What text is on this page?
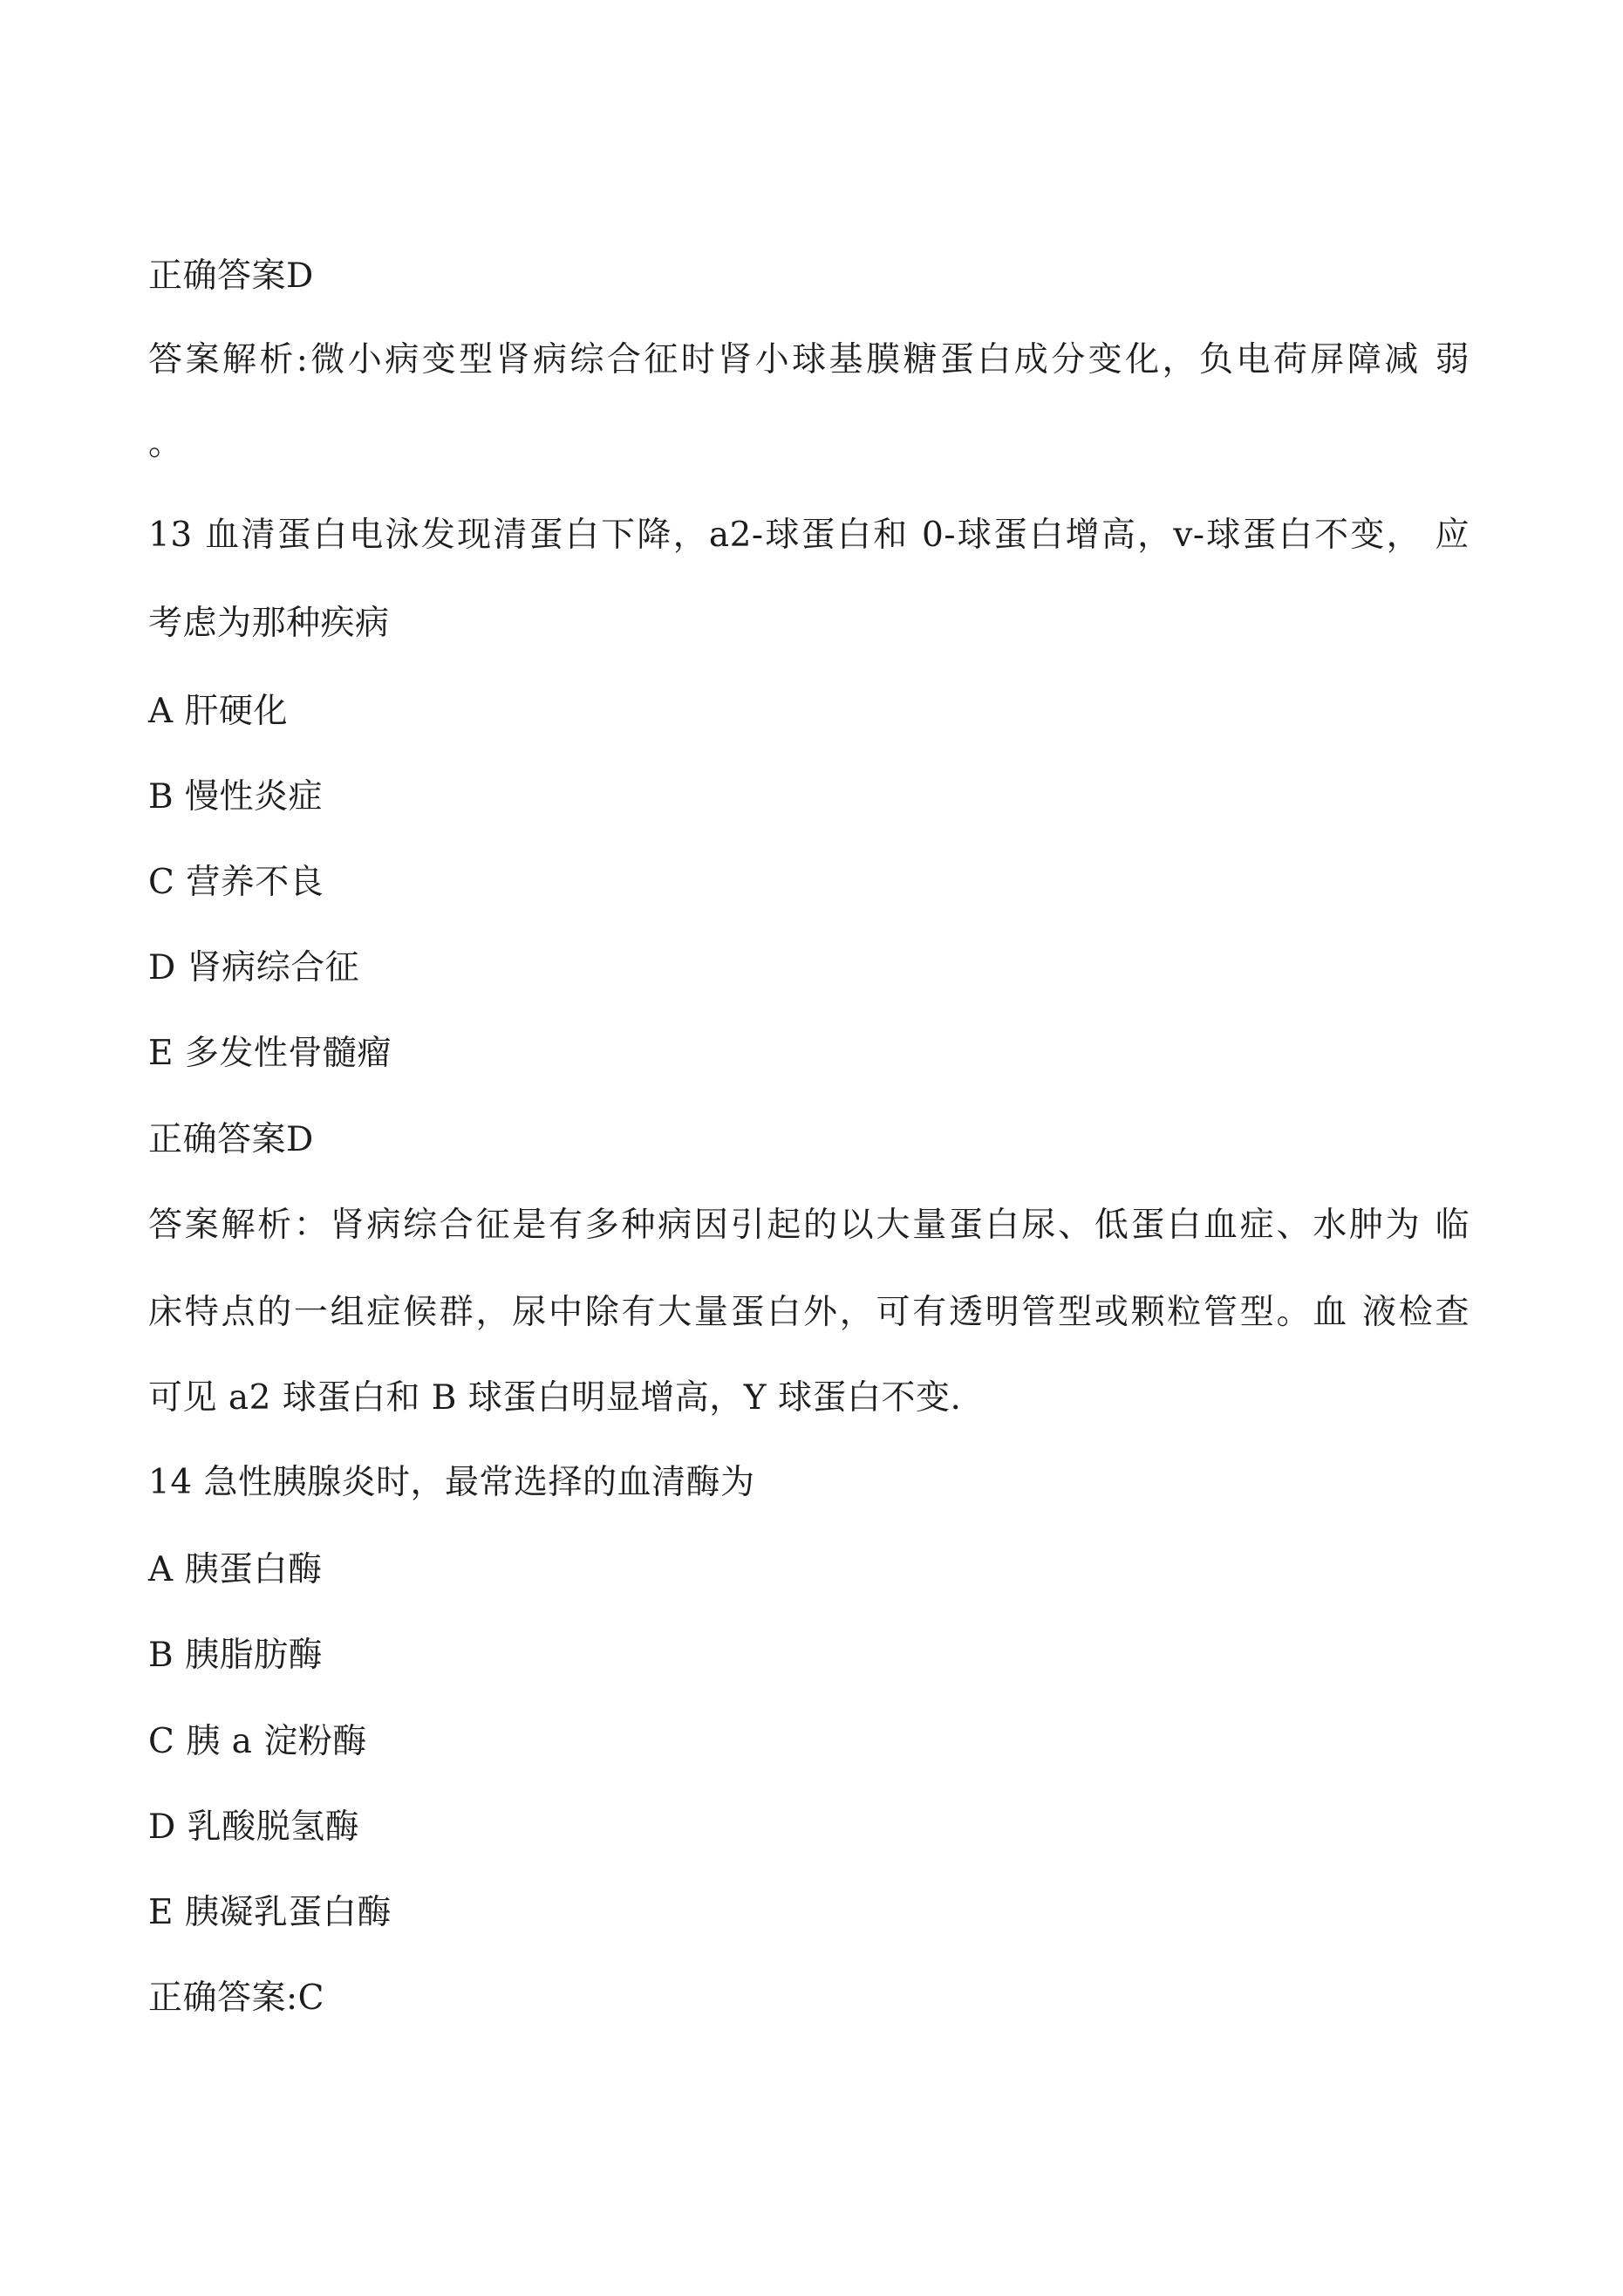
正确答案D
答案解析:微小病变型肾病综合征时肾小球基膜糖蛋白成分变化，负电荷屏障减 弱
。
13 血清蛋白电泳发现清蛋白下降，a2-球蛋白和 0-球蛋白增高，v-球蛋白不变， 应
考虑为那种疾病
A 肝硬化
B 慢性炎症
C 营养不良
D 肾病综合征
E 多发性骨髓瘤
正确答案D
答案解析：肾病综合征是有多种病因引起的以大量蛋白尿、低蛋白血症、水肿为 临
床特点的一组症候群，尿中除有大量蛋白外，可有透明管型或颗粒管型。血 液检查
可见 a2 球蛋白和 B 球蛋白明显增高，Y 球蛋白不变.
14 急性胰腺炎时，最常选择的血清酶为
A 胰蛋白酶
B 胰脂肪酶
C 胰 a 淀粉酶
D 乳酸脱氢酶
E 胰凝乳蛋白酶
正确答案:C
